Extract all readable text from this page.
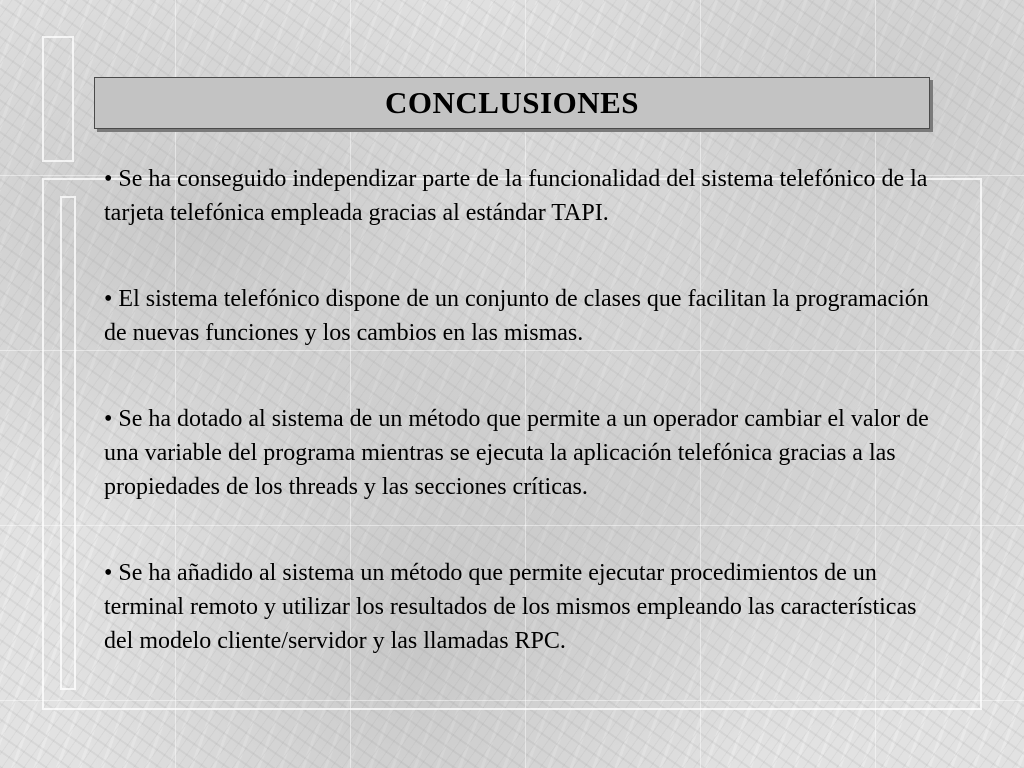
CONCLUSIONES
• Se ha conseguido independizar parte de la funcionalidad del sistema telefónico de la tarjeta telefónica empleada gracias al estándar TAPI.
• El sistema telefónico dispone de un conjunto de clases que facilitan la programación de nuevas funciones y los cambios en las mismas.
• Se ha dotado al sistema de un método que permite a un operador cambiar el valor de una variable del programa mientras se ejecuta la aplicación telefónica gracias a las propiedades de los threads y las secciones críticas.
• Se ha añadido al sistema un método que permite ejecutar procedimientos de un terminal remoto y utilizar los resultados de los mismos empleando las características del modelo cliente/servidor y las llamadas RPC.
